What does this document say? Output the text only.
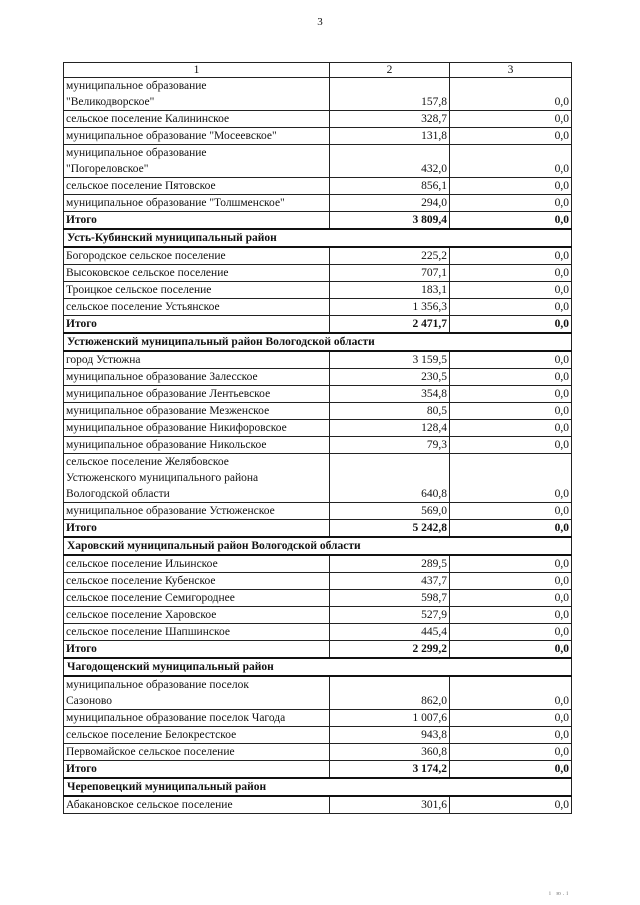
3
1	2	3

муниципальное образование
"Великодворское"	157,8	0,0
сельское поселение Калининское	328,7	0,0
муниципальное образование "Мосеевское"	131,8	0,0

муниципальное образование
"Погореловское"	432,0	0,0
сельское поселение Пятовское	856,1	0,0
муниципальное образование "Толшменское"	294,0	0,0
Итого	3 809,4	0,0
Усть-Кубинский муниципальный район		
Богородское сельское поселение	225,2	0,0
Высоковское сельское поселение	707,1	0,0
Троицкое сельское поселение	183,1	0,0
сельское поселение Устьянское	1 356,3	0,0
Итого	2 471,7	0,0
Устюженский муниципальный район Вологодской области		
город Устюжна	3 159,5	0,0
муниципальное образование Залесское	230,5	0,0
муниципальное образование Лентьевское	354,8	0,0
муниципальное образование Мезженское	80,5	0,0
муниципальное образование Никифоровское	128,4	0,0
муниципальное образование Никольское	79,3	0,0

сельское поселение Желябовское
Устюженского муниципального района
Вологодской области	640,8	0,0
муниципальное образование Устюженское	569,0	0,0
Итого	5 242,8	0,0
Харовский муниципальный район Вологодской области		
сельское поселение Ильинское	289,5	0,0
сельское поселение Кубенское	437,7	0,0
сельское поселение Семигороднее	598,7	0,0
сельское поселение Харовское	527,9	0,0
сельское поселение Шапшинское	445,4	0,0
Итого	2 299,2	0,0
Чагодощенский муниципальный район		

муниципальное образование поселок
Сазоново	862,0	0,0
муниципальное образование поселок Чагода	1 007,6	0,0
сельское поселение Белокрестское	943,8	0,0
Первомайское сельское поселение	360,8	0,0
Итого	3 174,2	0,0
Череповецкий муниципальный район		
Абакановское сельское поселение	301,6	0,0
i ю.i
